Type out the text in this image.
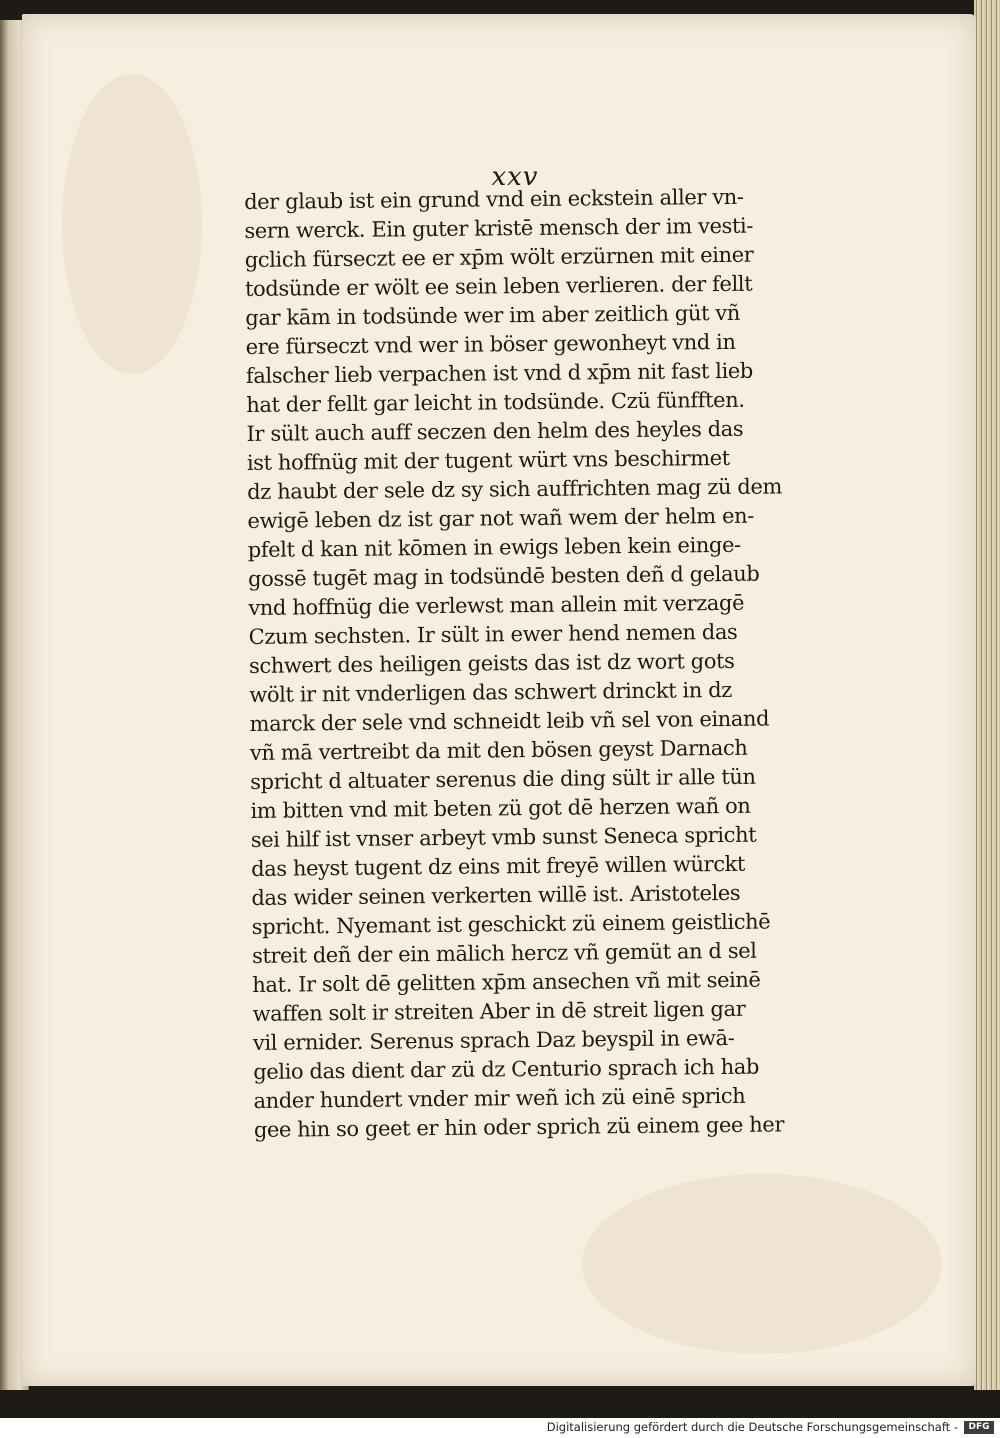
xxv
der glaub ist ein grund vnd ein eckstein aller vn‑
sern werck. Ein guter kristē mensch der im vesti‑
gclich fürseczt ee er xp̄m wölt erzürnen mit einer
todsünde er wölt ee sein leben verlieren. der fellt
gar kām in todsünde wer im aber zeitlich güt vñ
ere fürseczt vnd wer in böser gewonheyt vnd in
falscher lieb verpachen ist vnd d xp̄m nit fast lieb
hat der fellt gar leicht in todsünde. Czü fünfften.
Ir sült auch auff seczen den helm des heyles das
ist hoffnüg mit der tugent würt vns beschirmet
dz haubt der sele dz sy sich auffrichten mag zü dem
ewigē leben dz ist gar not wañ wem der helm en‑
pfelt d kan nit kōmen in ewigs leben kein einge‑
gossē tugēt mag in todsündē besten deñ d gelaub
vnd hoffnüg die verlewst man allein mit verzagē
Czum sechsten. Ir sült in ewer hend nemen das
schwert des heiligen geists das ist dz wort gots
wölt ir nit vnderligen das schwert drinckt in dz
marck der sele vnd schneidt leib vñ sel von einand
vñ mā vertreibt da mit den bösen geyst Darnach
spricht d altuater serenus die ding sült ir alle tün
im bitten vnd mit beten zü got dē herzen wañ on
sei hilf ist vnser arbeyt vmb sunst Seneca spricht
das heyst tugent dz eins mit freyē willen würckt
das wider seinen verkerten willē ist. Aristoteles
spricht. Nyemant ist geschickt zü einem geistlichē
streit deñ der ein mālich hercz vñ gemüt an d sel
hat. Ir solt dē gelitten xp̄m ansechen vñ mit seinē
waffen solt ir streiten Aber in dē streit ligen gar
vil ernider. Serenus sprach Daz beyspil in ewā‑
gelio das dient dar zü dz Centurio sprach ich hab
ander hundert vnder mir weñ ich zü einē sprich
gee hin so geet er hin oder sprich zü einem gee her
Digitalisierung gefördert durch die Deutsche Forschungsgemeinschaft -	DFG
